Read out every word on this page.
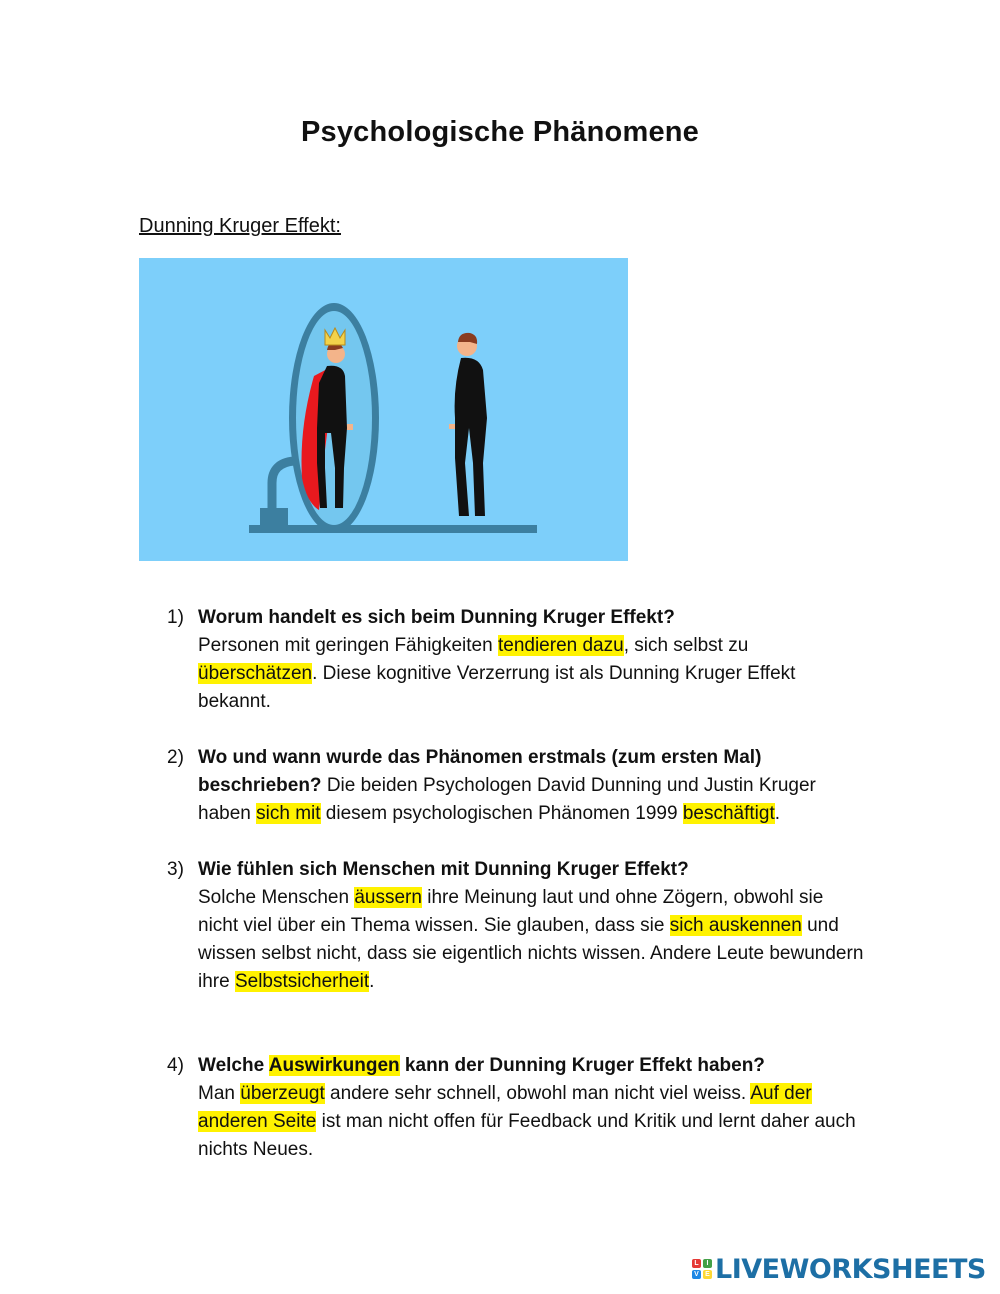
Psychologische Phänomene
Dunning Kruger Effekt:
1) Worum handelt es sich beim Dunning Kruger Effekt?
Personen mit geringen Fähigkeiten tendieren dazu, sich selbst zu überschätzen. Diese kognitive Verzerrung ist als Dunning Kruger Effekt bekannt.
2) Wo und wann wurde das Phänomen erstmals (zum ersten Mal) beschrieben? Die beiden Psychologen David Dunning und Justin Kruger haben sich mit diesem psychologischen Phänomen 1999 beschäftigt.
3) Wie fühlen sich Menschen mit Dunning Kruger Effekt?
Solche Menschen äussern ihre Meinung laut und ohne Zögern, obwohl sie nicht viel über ein Thema wissen. Sie glauben, dass sie sich auskennen und wissen selbst nicht, dass sie eigentlich nichts wissen. Andere Leute bewundern ihre Selbstsicherheit.
4) Welche Auswirkungen kann der Dunning Kruger Effekt haben?
Man überzeugt andere sehr schnell, obwohl man nicht viel weiss. Auf der anderen Seite ist man nicht offen für Feedback und Kritik und lernt daher auch nichts Neues.
L	I
V E LIVEWORKSHEETS
